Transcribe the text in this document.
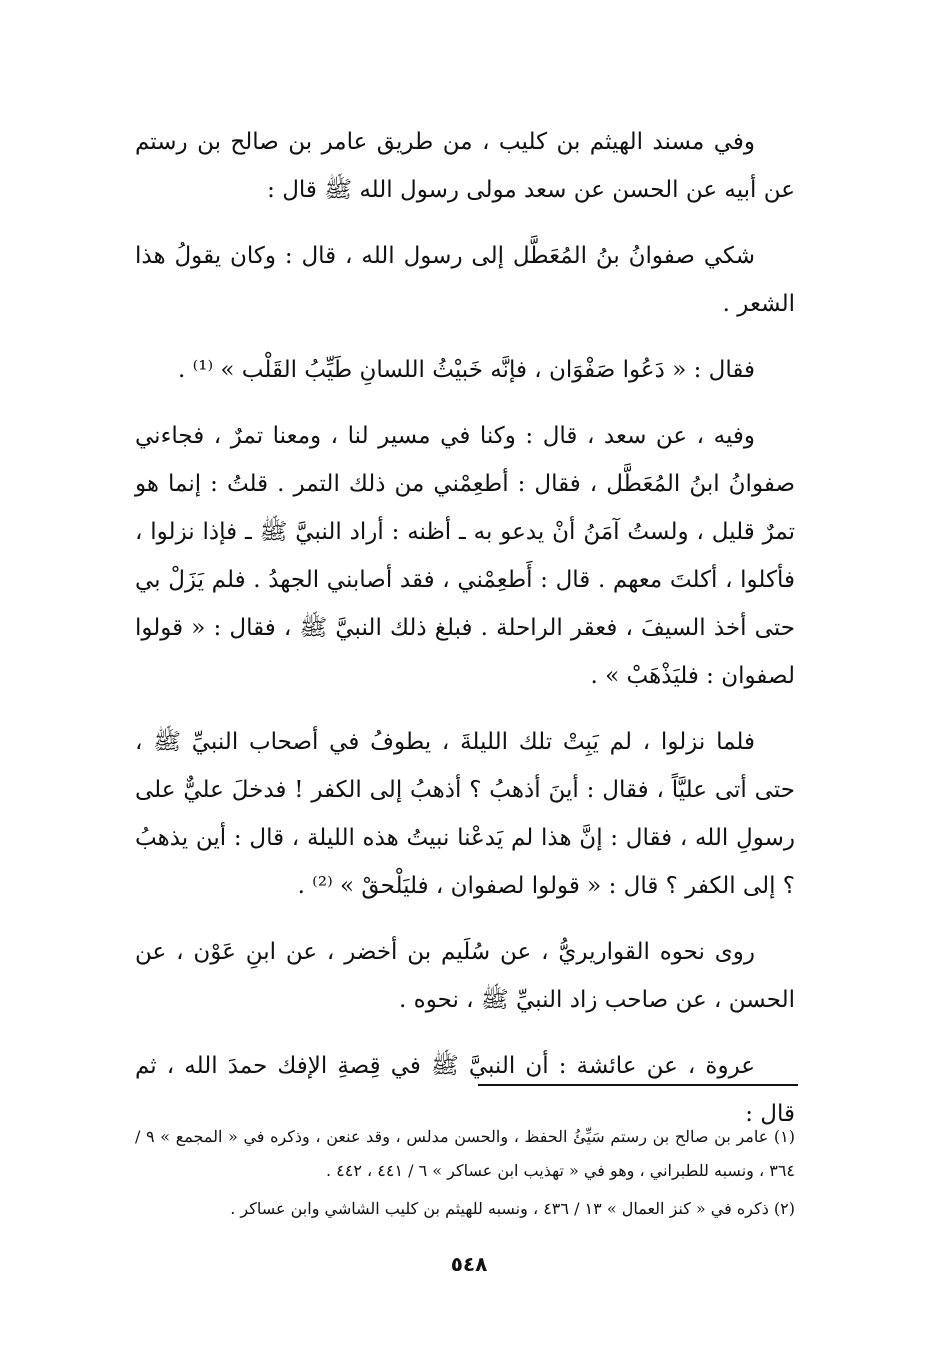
وفي مسند الهيثم بن كليب ، من طريق عامر بن صالح بن رستم عن أبيه عن الحسن عن سعد مولى رسول الله ﷺ قال :

شكي صفوانُ بنُ المُعَطَّل إلى رسول الله ، قال : وكان يقولُ هذا الشعر .

فقال : « دَعُوا صَفْوَان ، فإنَّه خَبيْثُ اللسانِ طَيِّبُ القَلْب » ⁽¹⁾ .

وفيه ، عن سعد ، قال : وكنا في مسير لنا ، ومعنا تمرٌ ، فجاءني صفوانُ ابنُ المُعَطَّل ، فقال : أطعِمْني من ذلك التمر . قلتُ : إنما هو تمرٌ قليل ، ولستُ آمَنُ أنْ يدعو به ـ أظنه : أراد النبيَّ ﷺ ـ فإذا نزلوا ، فأكلوا ، أكلتَ معهم . قال : أَطعِمْني ، فقد أصابني الجهدُ . فلم يَزَلْ بي حتى أخذ السيفَ ، فعقر الراحلة . فبلغ ذلك النبيَّ ﷺ ، فقال : « قولوا لصفوان : فليَذْهَبْ » .

فلما نزلوا ، لم يَبِتْ تلك الليلةَ ، يطوفُ في أصحاب النبيِّ ﷺ ، حتى أتى عليَّاً ، فقال : أينَ أذهبُ ؟ أذهبُ إلى الكفر ! فدخلَ عليٌّ على رسولِ الله ، فقال : إنَّ هذا لم يَدعْنا نبيتُ هذه الليلة ، قال : أين يذهبُ ؟ إلى الكفر ؟ قال : « قولوا لصفوان ، فليَلْحقْ » ⁽²⁾ .

روى نحوه القواريريُّ ، عن سُلَيم بن أخضر ، عن ابنِ عَوْن ، عن الحسن ، عن صاحب زاد النبيِّ ﷺ ، نحوه .

عروة ، عن عائشة : أن النبيَّ ﷺ في قِصةِ الإفك حمدَ الله ، ثم قال :

(١) عامر بن صالح بن رستم سَيِّئُ الحفظ ، والحسن مدلس ، وقد عنعن ، وذكره في « المجمع » ٩ / ٣٦٤ ، ونسبه للطبراني ، وهو في « تهذيب ابن عساكر » ٦ / ٤٤١ ، ٤٤٢ .

(٢) ذكره في « كنز العمال » ١٣ / ٤٣٦ ، ونسبه للهيثم بن كليب الشاشي وابن عساكر .

٥٤٨
